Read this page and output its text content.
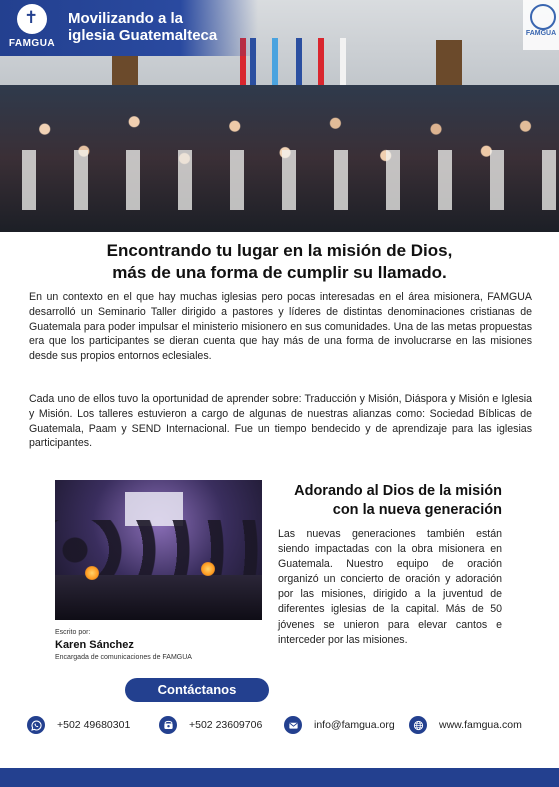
✝
FAMGUA
Movilizando a la
iglesia Guatemalteca	FAMGUA
Encontrando tu lugar en la misión de Dios,
más de una forma de cumplir su llamado.

En un contexto en el que hay muchas iglesias pero pocas interesadas en el área misionera, FAMGUA desarrolló un Seminario Taller dirigido a pastores y líderes de distintas denominaciones cristianas de Guatemala para poder impulsar el ministerio misionero en sus comunidades. Una de las metas propuestas era que los participantes se dieran cuenta que hay más de una forma de involucrarse en las misiones desde sus propios entornos eclesiales.

Cada uno de ellos tuvo la oportunidad de aprender sobre: Traducción y Misión, Diáspora y Misión e Iglesia y Misión. Los talleres estuvieron a cargo de algunas de nuestras alianzas como: Sociedad Bíblicas de Guatemala, Paam y SEND Internacional. Fue un tiempo bendecido y de aprendizaje para las iglesias participantes.

Escrito por:
Karen Sánchez
Encargada de comunicaciones de FAMGUA
Adorando al Dios de la misión
con la nueva generación

Las nuevas generaciones también están siendo impactadas con la obra misionera en Guatemala. Nuestro equipo de oración organizó un concierto de oración y adoración por las misiones, dirigido a la juventud de diferentes iglesias de la capital. Más de 50 jóvenes se unieron para elevar cantos e interceder por las misiones.

Contáctanos
+502 49680301	+502 23609706	info@famgua.org	www.famgua.com
